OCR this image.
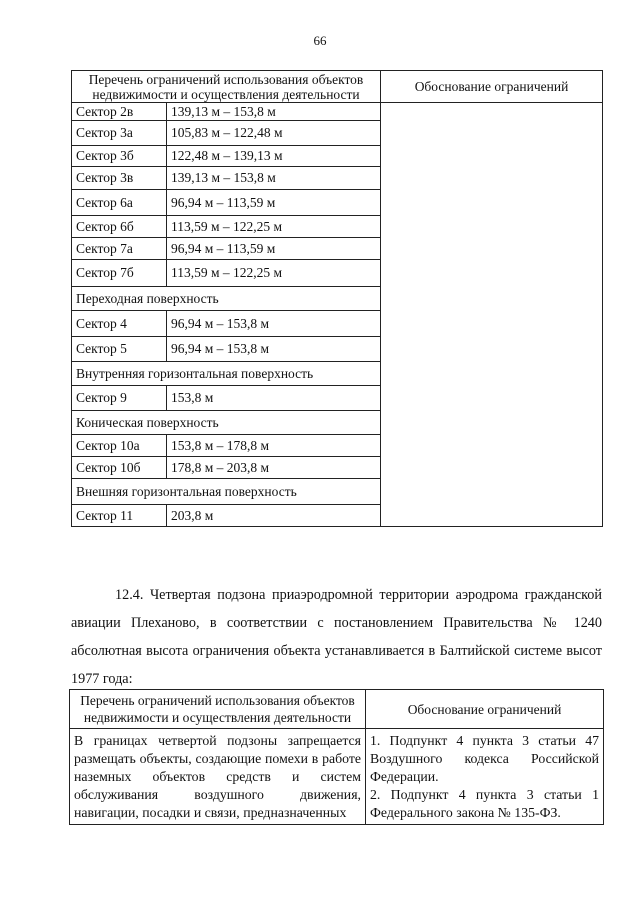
66
Перечень ограничений использования объектов недвижимости и осуществления деятельности		Обоснование ограничений
Сектор 2в	139,13 м – 153,8 м	
Сектор 3а	105,83 м – 122,48 м	
Сектор 3б	122,48 м – 139,13 м	
Сектор 3в	139,13 м – 153,8 м	
Сектор 6а	96,94 м – 113,59 м	
Сектор 6б	113,59 м – 122,25 м	
Сектор 7а	96,94 м – 113,59 м	
Сектор 7б	113,59 м – 122,25 м	
Переходная поверхность		
Сектор 4	96,94 м – 153,8 м	
Сектор 5	96,94 м – 153,8 м	
Внутренняя горизонтальная поверхность		
Сектор 9	153,8 м	
Коническая поверхность		
Сектор 10а	153,8 м – 178,8 м	
Сектор 10б	178,8 м – 203,8 м	
Внешняя горизонтальная поверхность		
Сектор 11	203,8 м	

12.4. Четвертая подзона приаэродромной территории аэродрома гражданской авиации Плеханово, в соответствии с постановлением Правительства № 1240 абсолютная высота ограничения объекта устанавливается в Балтийской системе высот 1977 года:

Перечень ограничений использования объектов недвижимости и осуществления деятельности	Обоснование ограничений
В границах четвертой подзоны запрещается размещать объекты, создающие помехи в работе наземных объектов средств и систем обслуживания воздушного движения, навигации, посадки и связи, предназначенных	1. Подпункт 4 пункта 3 статьи 47 Воздушного кодекса Российской Федерации.
2. Подпункт 4 пункта 3 статьи 1 Федерального закона № 135-ФЗ.
